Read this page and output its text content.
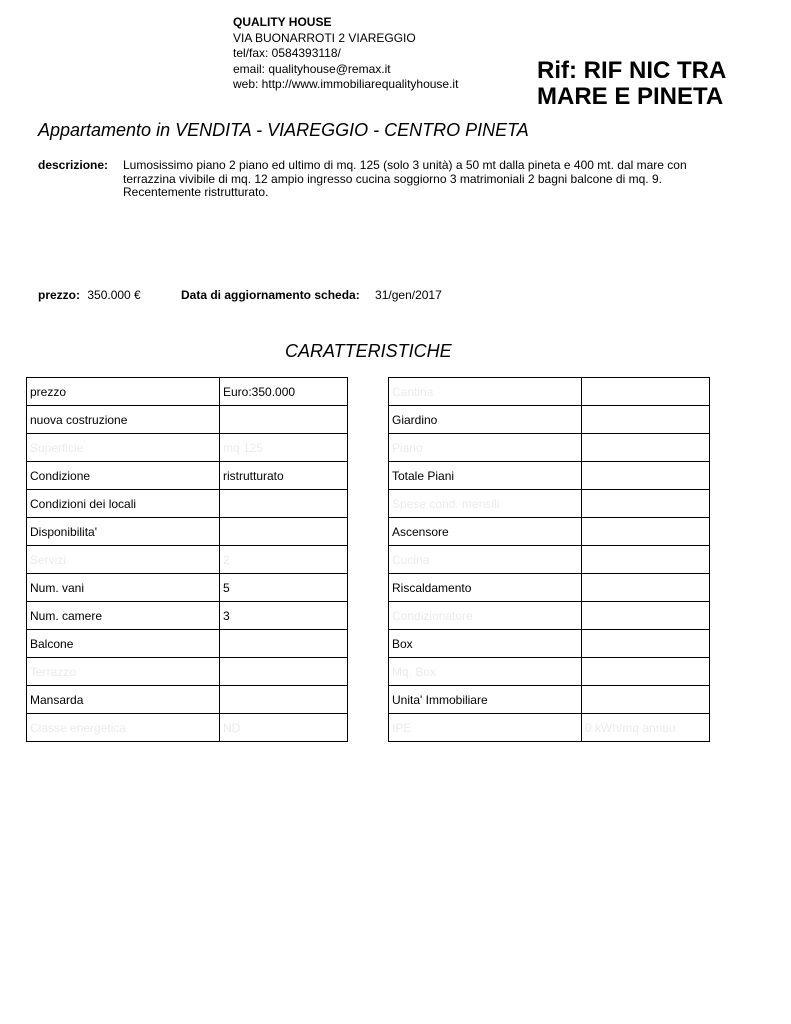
QUALITY HOUSE
VIA BUONARROTI 2 VIAREGGIO
tel/fax: 0584393118/
email: qualityhouse@remax.it
web: http://www.immobiliarequalityhouse.it	Rif: RIF NIC TRA
MARE E PINETA
Appartamento in VENDITA - VIAREGGIO - CENTRO PINETA
descrizione: Lumosissimo piano 2 piano ed ultimo di mq. 125 (solo 3 unità) a 50 mt dalla pineta e 400 mt. dal mare con terrazzina vivibile di mq. 12 ampio ingresso cucina soggiorno 3 matrimoniali 2 bagni balcone di mq. 9. Recentemente ristrutturato.
prezzo: 350.000 €	Data di aggiornamento scheda: 31/gen/2017
CARATTERISTICHE
prezzo	Euro:350.000
nuova costruzione	
Superficie	mq 125
Condizione	ristrutturato
Condizioni dei locali	
Disponibilita'	
Servizi	2
Num. vani	5
Num. camere	3
Balcone	
Terrazzo	
Mansarda	
Classe energetica	ND
Cantina	
Giardino	
Piano	
Totale Piani	
Spese cond. mensili	
Ascensore	
Cucina	
Riscaldamento	
Condizionatore	
Box	
Mq. Box	
Unita' Immobiliare	
IPE	0 kWh/mq annuo
